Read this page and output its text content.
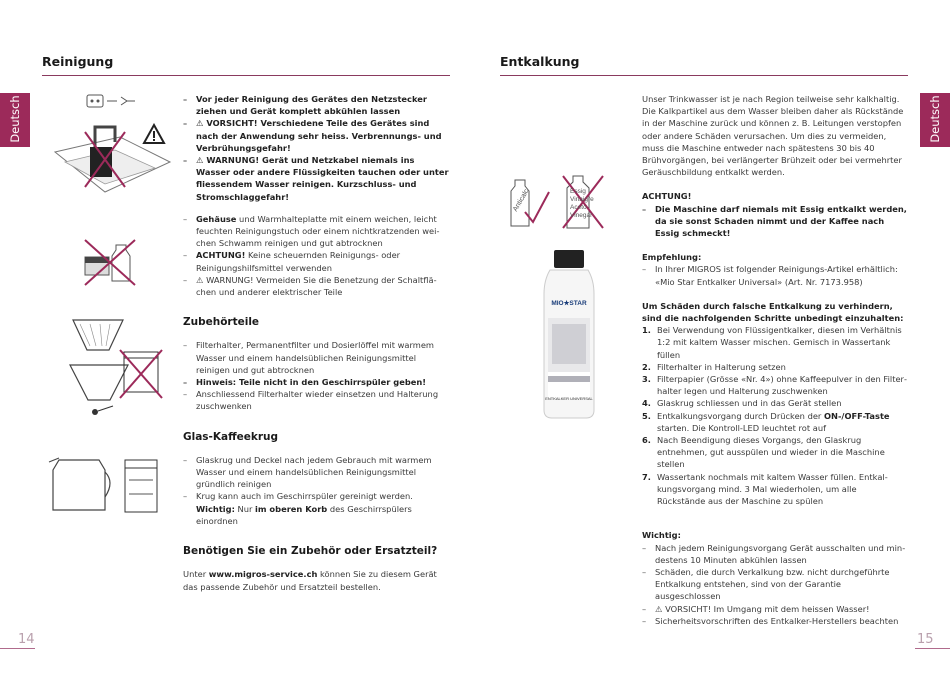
Reinigung
Deutsch
–	Vor jeder Reinigung des Gerätes den Netzstecker ziehen und Gerät komplett abkühlen lassen
– ⚠ VORSICHT! Verschiedene Teile des Gerätes sind nach der Anwendung sehr heiss. Verbrennungs- und Verbrühungsgefahr!
– ⚠ WARNUNG! Gerät und Netzkabel niemals ins Wasser oder andere Flüssigkeiten tauchen oder unter fliessendem Wasser reinigen. Kurzschluss- und Stromschlaggefahr!
– Gehäuse und Warmhalteplatte mit einem weichen, leicht feuchten Reinigungstuch oder einem nichtkratzenden weichen Schwamm reinigen und gut abtrocknen
– ACHTUNG! Keine scheuernden Reinigungs- oder Reinigungshilfsmittel verwenden
– ⚠ WARNUNG! Vermeiden Sie die Benetzung der Schaltflächen und anderer elektrischer Teile
Zubehörteile
– Filterhalter, Permanentfilter und Dosierlöffel mit warmem Wasser und einem handelsüblichen Reinigungsmittel reinigen und gut abtrocknen
– Hinweis: Teile nicht in den Geschirrspüler geben!
– Anschliessend Filterhalter wieder einsetzen und Halterung zuschwenken
Glas-Kaffeekrug
– Glaskrug und Deckel nach jedem Gebrauch mit warmem Wasser und einem handelsüblichen Reinigungsmittel gründlich reinigen
– Krug kann auch im Geschirrspüler gereinigt werden.
Wichtig: Nur im oberen Korb des Geschirrspülers einordnen
Benötigen Sie ein Zubehör oder Ersatzteil?
Unter www.migros-service.ch können Sie zu diesem Gerät das passende Zubehör und Ersatzteil bestellen.
14
Entkalkung
Deutsch
Anticalc	Essig
Vinaigre
Aceto
Vinegar
MIO★STAR
ENTKALKER UNIVERSAL
Unser Trinkwasser ist je nach Region teilweise sehr kalkhaltig. Die Kalkpartikel aus dem Wasser bleiben daher als Rückstände in der Maschine zurück und können z. B. Leitungen verstopfen oder andere Schäden verursachen. Um dies zu vermeiden, muss die Maschine entweder nach spätestens 30 bis 40 Brühvorgängen, bei verlängerter Brühzeit oder bei vermehrter Geräuschbildung entkalkt werden.
ACHTUNG!
– Die Maschine darf niemals mit Essig entkalkt werden, da sie sonst Schaden nimmt und der Kaffee nach Essig schmeckt!
Empfehlung:
– In Ihrer MIGROS ist folgender Reinigungs-Artikel erhältlich: «Mio Star Entkalker Universal» (Art. Nr. 7173.958)
Um Schäden durch falsche Entkalkung zu verhindern, sind die nachfolgenden Schritte unbedingt einzuhalten:
1. Bei Verwendung von Flüssigentkalker, diesen im Verhältnis 1:2 mit kaltem Wasser mischen. Gemisch in Wassertank füllen
2. Filterhalter in Halterung setzen
3. Filterpapier (Grösse «Nr. 4») ohne Kaffeepulver in den Filterhalter legen und Halterung zuschwenken
4. Glaskrug schliessen und in das Gerät stellen
5. Entkalkungsvorgang durch Drücken der ON-/OFF-Taste starten. Die Kontroll-LED leuchtet rot auf
6. Nach Beendigung dieses Vorgangs, den Glaskrug entnehmen, gut ausspülen und wieder in die Maschine stellen
7. Wassertank nochmals mit kaltem Wasser füllen. Entkalkungsvorgang mind. 3 Mal wiederholen, um alle Rückstände aus der Maschine zu spülen
Wichtig:
– Nach jedem Reinigungsvorgang Gerät ausschalten und mindestens 10 Minuten abkühlen lassen
– Schäden, die durch Verkalkung bzw. nicht durchgeführte Entkalkung entstehen, sind von der Garantie ausgeschlossen
– ⚠ VORSICHT! Im Umgang mit dem heissen Wasser!
– Sicherheitsvorschriften des Entkalker-Herstellers beachten
15
